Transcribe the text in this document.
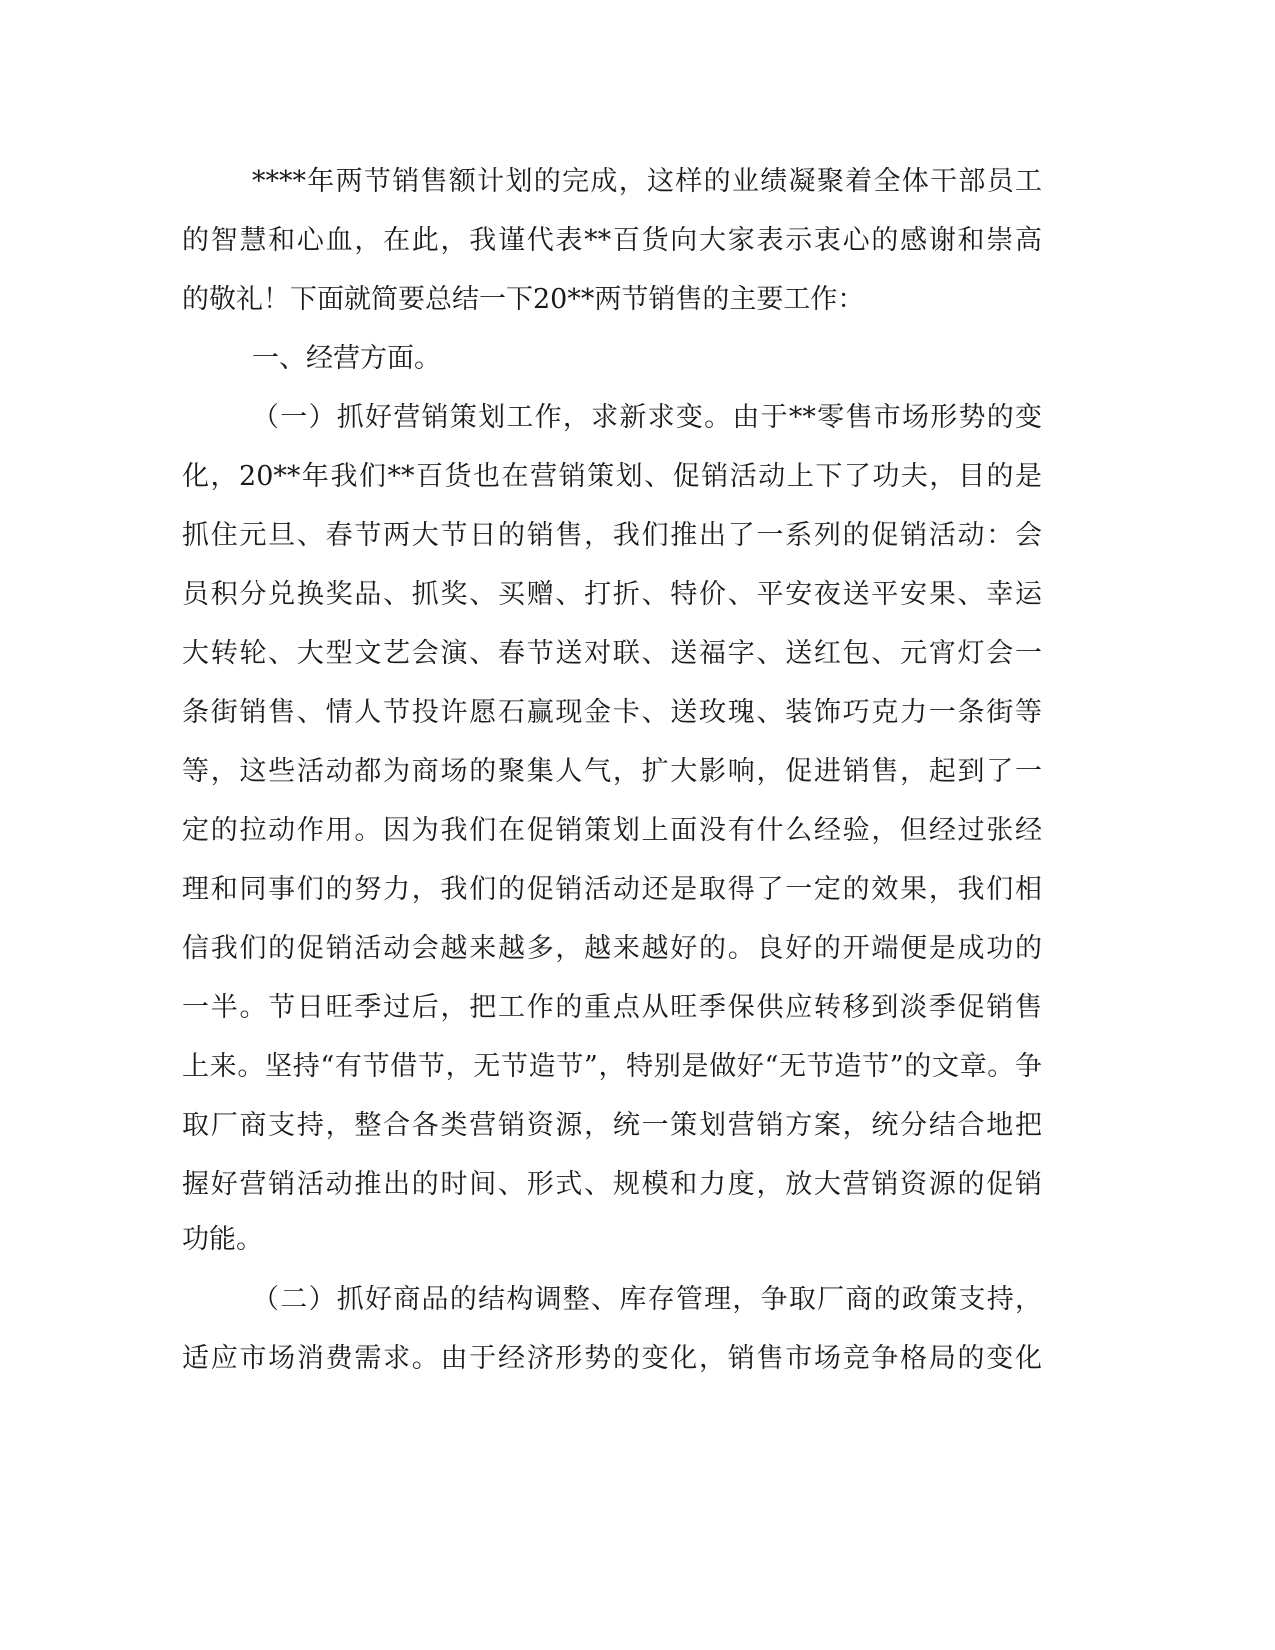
****年两节销售额计划的完成，这样的业绩凝聚着全体干部员工
的智慧和心血，在此，我谨代表**百货向大家表示衷心的感谢和崇高
的敬礼！下面就简要总结一下20**两节销售的主要工作：
一、经营方面。
（一）抓好营销策划工作，求新求变。由于**零售市场形势的变
化，20**年我们**百货也在营销策划、促销活动上下了功夫，目的是
抓住元旦、春节两大节日的销售，我们推出了一系列的促销活动：会
员积分兑换奖品、抓奖、买赠、打折、特价、平安夜送平安果、幸运
大转轮、大型文艺会演、春节送对联、送福字、送红包、元宵灯会一
条街销售、情人节投许愿石赢现金卡、送玫瑰、装饰巧克力一条街等
等，这些活动都为商场的聚集人气，扩大影响，促进销售，起到了一
定的拉动作用。因为我们在促销策划上面没有什么经验，但经过张经
理和同事们的努力，我们的促销活动还是取得了一定的效果，我们相
信我们的促销活动会越来越多，越来越好的。良好的开端便是成功的
一半。节日旺季过后，把工作的重点从旺季保供应转移到淡季促销售
上来。坚持“有节借节，无节造节”，特别是做好“无节造节”的文章。争
取厂商支持，整合各类营销资源，统一策划营销方案，统分结合地把
握好营销活动推出的时间、形式、规模和力度，放大营销资源的促销
功能。
（二）抓好商品的结构调整、库存管理，争取厂商的政策支持，
适应市场消费需求。由于经济形势的变化，销售市场竞争格局的变化
